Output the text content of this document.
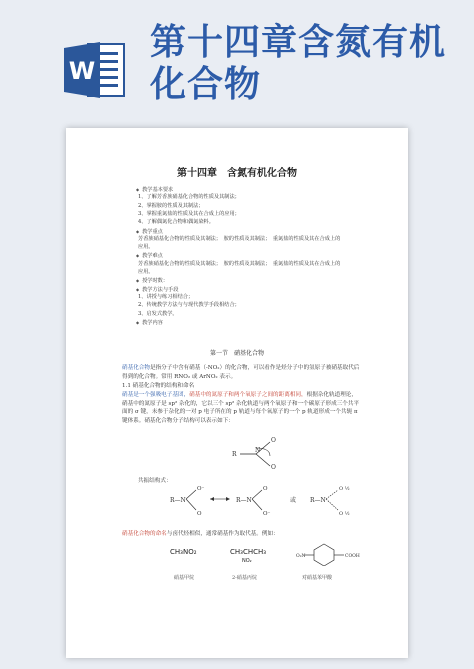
W
第十四章含氮有机
化合物
第十四章　含氮有机化合物
◆ 教学基本要求
1、了解芳香族硝基化合物的性质及其制法；
2、掌握胺的性质及其制法；
3、掌握重氮盐的性质及其在合成上的应用；
4、了解偶氮化合物和偶氮染料。
◆ 教学重点
芳香族硝基化合物的性质及其制法；　胺的性质及其制法；　重氮盐的性质及其在合成上的
应用。
◆ 教学难点
芳香族硝基化合物的性质及其制法；　胺的性质及其制法；　重氮盐的性质及其在合成上的
应用。
◆ 授学时数：
◆ 教学方法与手段
1、讲授与练习相结合；
2、传统教学方法与与现代教学手段相结合；
3、启发式教学。
◆ 教学内容
第一节　硝基化合物
硝基化合物是指分子中含有硝基（-NO₂）的化合物，可以看作是烃分子中的氢原子被硝基取代后得到的化合物。常用 RNO₂ 或 ArNO₂ 表示。
1.1 硝基化合物的结构和命名
硝基是一个强吸电子基团，硝基中的氮原子和两个氧原子之间的距离相同，根据杂化轨道理论，硝基中的氮原子是 sp² 杂化的，它以三个 sp² 杂化轨道与两个氧原子和一个碳原子形成三个共平面的 σ 键，未参于杂化的一对 p 电子所在的 p 轨道与每个氧原子的一个 p 轨道形成一个共轭 π 键体系。硝基化合物分子结构可以表示如下：
R
N
O
O
共振结构式：
R—N
O⁻
O
R—N
O
O⁻
或 R—N
O ½
O ½
硝基化合物的命名与卤代烃相似，通常硝基作为取代基。例如：
CH₃NO₂	CH₃CHCH₃
NO₂
O₂N	COOH
硝基甲烷	2-硝基丙烷	对硝基苯甲酸
